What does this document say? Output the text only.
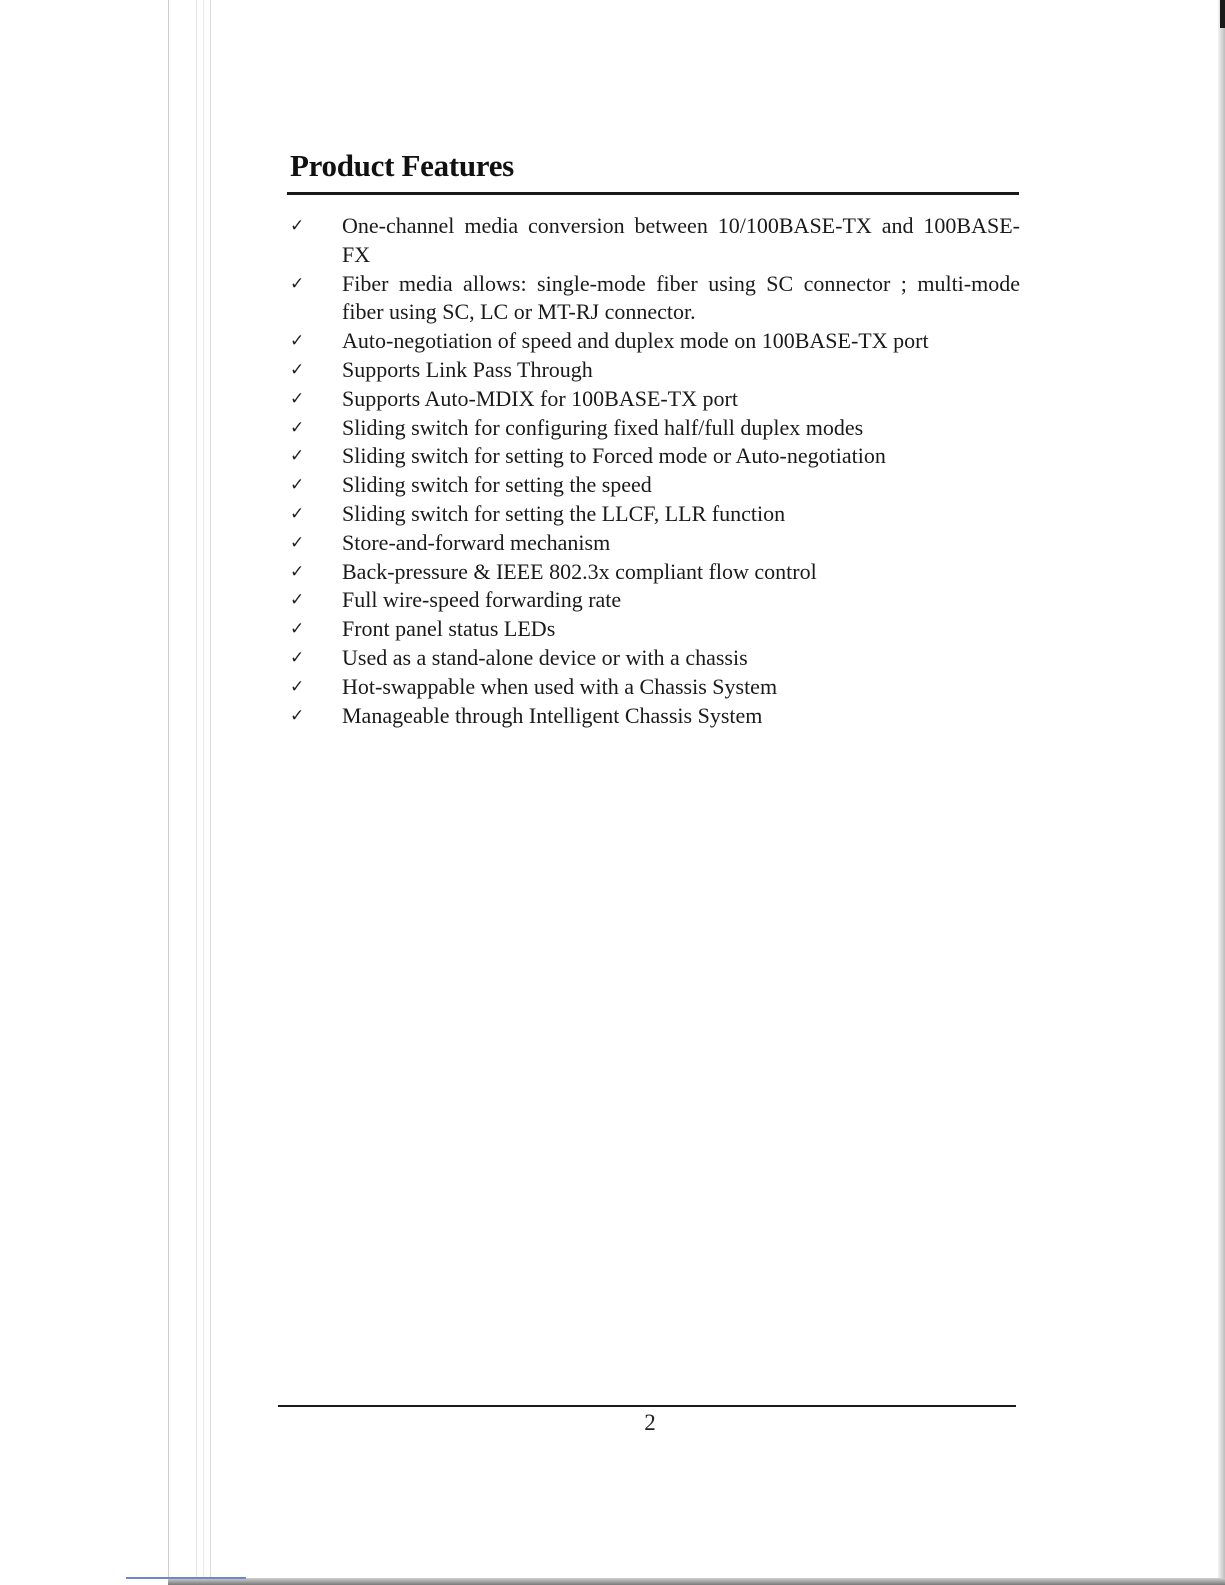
Product Features
✓	One-channel media conversion between 10/100BASE-TX and 100BASE-FX
✓	Fiber media allows: single-mode fiber using SC connector ; multi-mode fiber using SC, LC or MT-RJ connector.
✓	Auto-negotiation of speed and duplex mode on 100BASE-TX port
✓	Supports Link Pass Through
✓	Supports Auto-MDIX for 100BASE-TX port
✓	Sliding switch for configuring fixed half/full duplex modes
✓	Sliding switch for setting to Forced mode or Auto-negotiation
✓	Sliding switch for setting the speed
✓	Sliding switch for setting the LLCF, LLR function
✓	Store-and-forward mechanism
✓	Back-pressure & IEEE 802.3x compliant flow control
✓	Full wire-speed forwarding rate
✓	Front panel status LEDs
✓	Used as a stand-alone device or with a chassis
✓	Hot-swappable when used with a Chassis System
✓	Manageable through Intelligent Chassis System
2
